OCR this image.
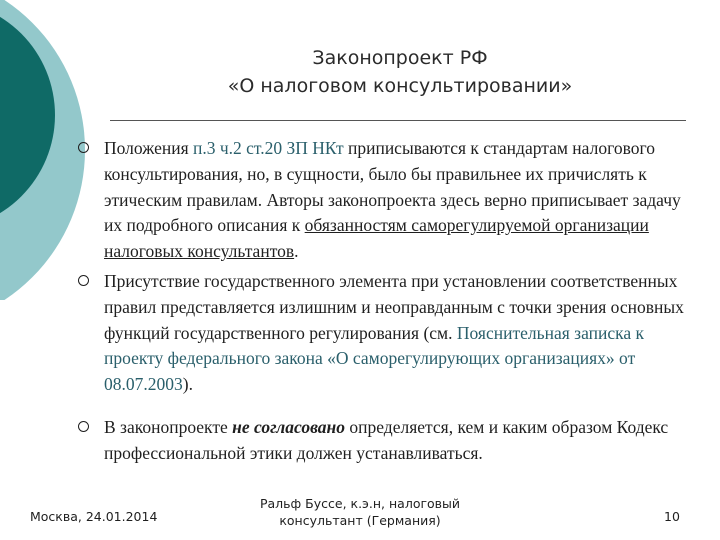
Законопроект РФ
«О налоговом консультировании»
Положения п.3 ч.2 ст.20 ЗП НКт приписываются к стандартам налогового консультирования, но, в сущности, было бы правильнее их причислять к этическим правилам. Авторы законопроекта здесь верно приписывает задачу их подробного описания к обязанностям саморегулируемой организации налоговых консультантов.
Присутствие государственного элемента при установлении соответственных правил представляется излишним и неоправданным с точки зрения основных функций государственного регулирования (см. Пояснительная записка к проекту федерального закона «О саморегулирующих организациях» от 08.07.2003).
В законопроекте не согласовано определяется, кем и каким образом Кодекс профессиональной этики должен устанавливаться.
Москва, 24.01.2014
Ральф Буссе, к.э.н, налоговый
консультант (Германия)	10
